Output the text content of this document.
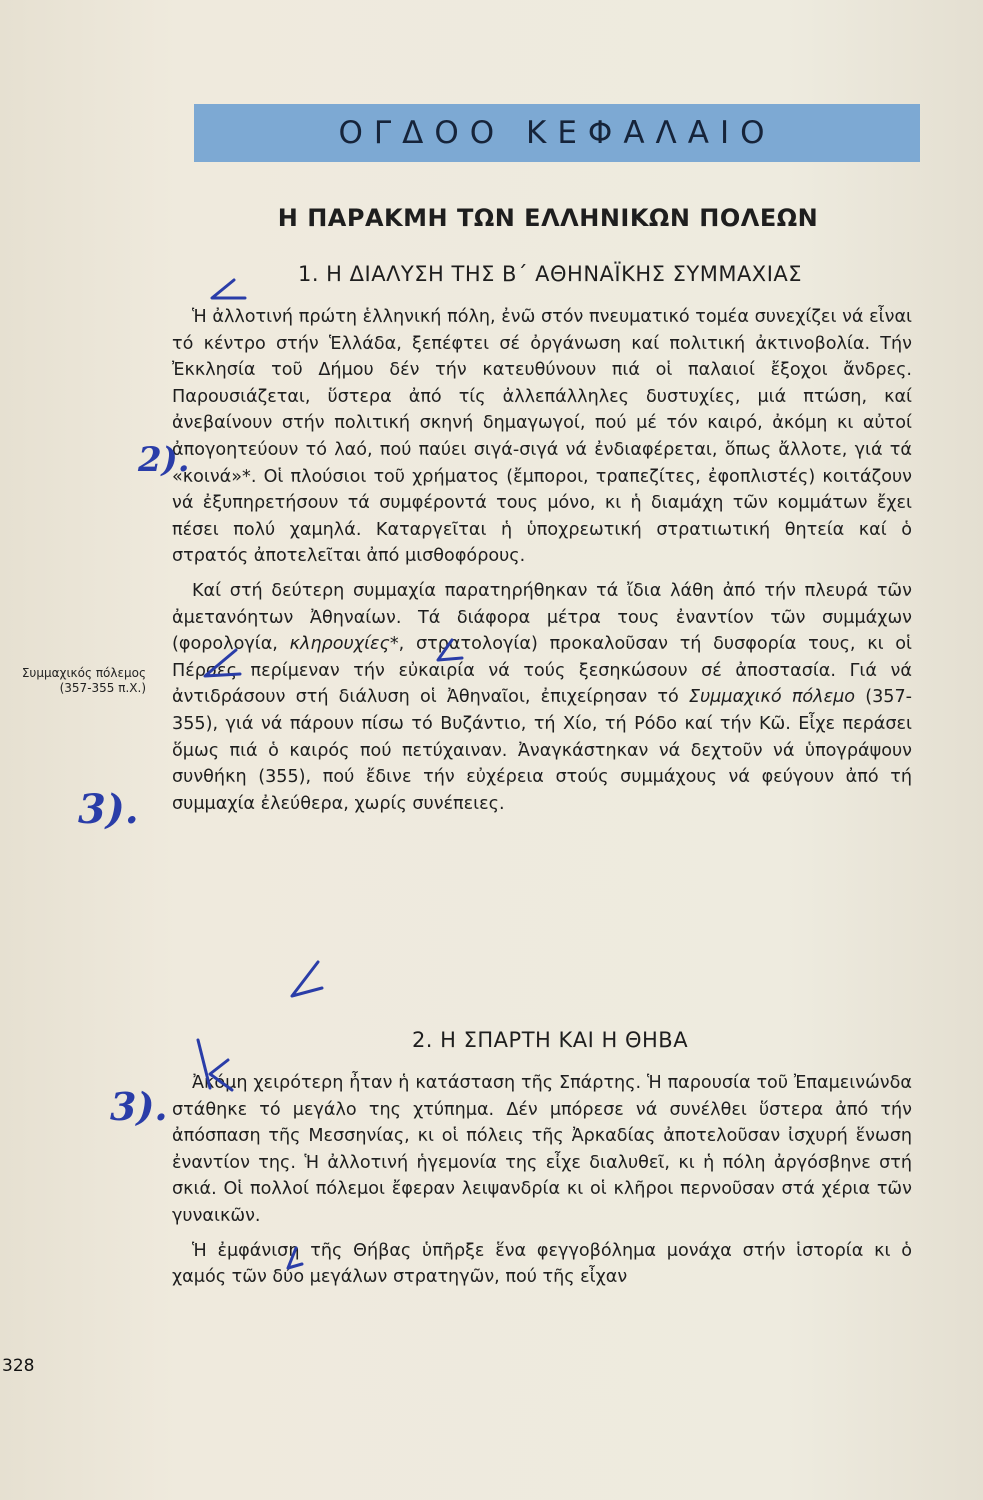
ΟΓΔΟΟ ΚΕΦΑΛΑΙΟ
Η ΠΑΡΑΚΜΗ ΤΩΝ ΕΛΛΗΝΙΚΩΝ ΠΟΛΕΩΝ
1. Η ΔΙΑΛΥΣΗ ΤΗΣ Β΄ ΑΘΗΝΑΪΚΗΣ ΣΥΜΜΑΧΙΑΣ

Ἡ ἀλλοτινή πρώτη ἑλληνική πόλη, ἐνῶ στόν πνευματικό τομέα συνεχίζει νά εἶναι τό κέντρο στήν Ἑλλάδα, ξεπέφτει σέ ὀργάνωση καί πολιτική ἀκτινοβολία. Τήν Ἐκκλησία τοῦ Δήμου δέν τήν κατευθύνουν πιά οἱ παλαιοί ἔξοχοι ἄνδρες. Παρουσιάζεται, ὕστερα ἀπό τίς ἀλλεπάλληλες δυστυχίες, μιά πτώση, καί ἀνεβαίνουν στήν πολιτική σκηνή δημαγωγοί, πού μέ τόν καιρό, ἀκόμη κι αὐτοί ἀπογοητεύουν τό λαό, πού παύει σιγά-σιγά νά ἐνδιαφέρεται, ὅπως ἄλλοτε, γιά τά «κοινά»*. Οἱ πλούσιοι τοῦ χρήματος (ἔμποροι, τραπεζίτες, ἐφοπλιστές) κοιτάζουν νά ἐξυπηρετήσουν τά συμφέροντά τους μόνο, κι ἡ διαμάχη τῶν κομμάτων ἔχει πέσει πολύ χαμηλά. Καταργεῖται ἡ ὑποχρεωτική στρατιωτική θητεία καί ὁ στρατός ἀποτελεῖται ἀπό μισθοφόρους.

Καί στή δεύτερη συμμαχία παρατηρήθηκαν τά ἴδια λάθη ἀπό τήν πλευρά τῶν ἀμετανόητων Ἀθηναίων. Τά διάφορα μέτρα τους ἐναντίον τῶν συμμάχων (φορολογία, κληρουχίες*, στρατολογία) προκαλοῦσαν τή δυσφορία τους, κι οἱ Πέρσες περίμεναν τήν εὐκαιρία νά τούς ξεσηκώσουν σέ ἀποστασία. Γιά νά ἀντιδράσουν στή διάλυση οἱ Ἀθηναῖοι, ἐπιχείρησαν τό Συμμαχικό πόλεμο (357-355), γιά νά πάρουν πίσω τό Βυζάντιο, τή Χίο, τή Ρόδο καί τήν Κῶ. Εἶχε περάσει ὅμως πιά ὁ καιρός πού πετύχαιναν. Ἀναγκάστηκαν νά δεχτοῦν νά ὑπογράψουν συνθήκη (355), πού ἔδινε τήν εὐχέρεια στούς συμμάχους νά φεύγουν ἀπό τή συμμαχία ἐλεύθερα, χωρίς συνέπειες.

Συμμαχικός πόλεμος (357-355 π.Χ.)
2. Η ΣΠΑΡΤΗ ΚΑΙ Η ΘΗΒΑ

Ἀκόμη χειρότερη ἦταν ἡ κατάσταση τῆς Σπάρτης. Ἡ παρουσία τοῦ Ἐπαμεινώνδα στάθηκε τό μεγάλο της χτύπημα. Δέν μπόρεσε νά συνέλθει ὕστερα ἀπό τήν ἀπόσπαση τῆς Μεσσηνίας, κι οἱ πόλεις τῆς Ἀρκαδίας ἀποτελοῦσαν ἰσχυρή ἕνωση ἐναντίον της. Ἡ ἀλλοτινή ἡγεμονία της εἶχε διαλυθεῖ, κι ἡ πόλη ἀργόσβηνε στή σκιά. Οἱ πολλοί πόλεμοι ἔφεραν λειψανδρία κι οἱ κλῆροι περνοῦσαν στά χέρια τῶν γυναικῶν.

Ἡ ἐμφάνιση τῆς Θήβας ὑπῆρξε ἕνα φεγγοβόλημα μονάχα στήν ἱστορία κι ὁ χαμός τῶν δύο μεγάλων στρατηγῶν, πού τῆς εἶχαν

328
2).
3).
3).
